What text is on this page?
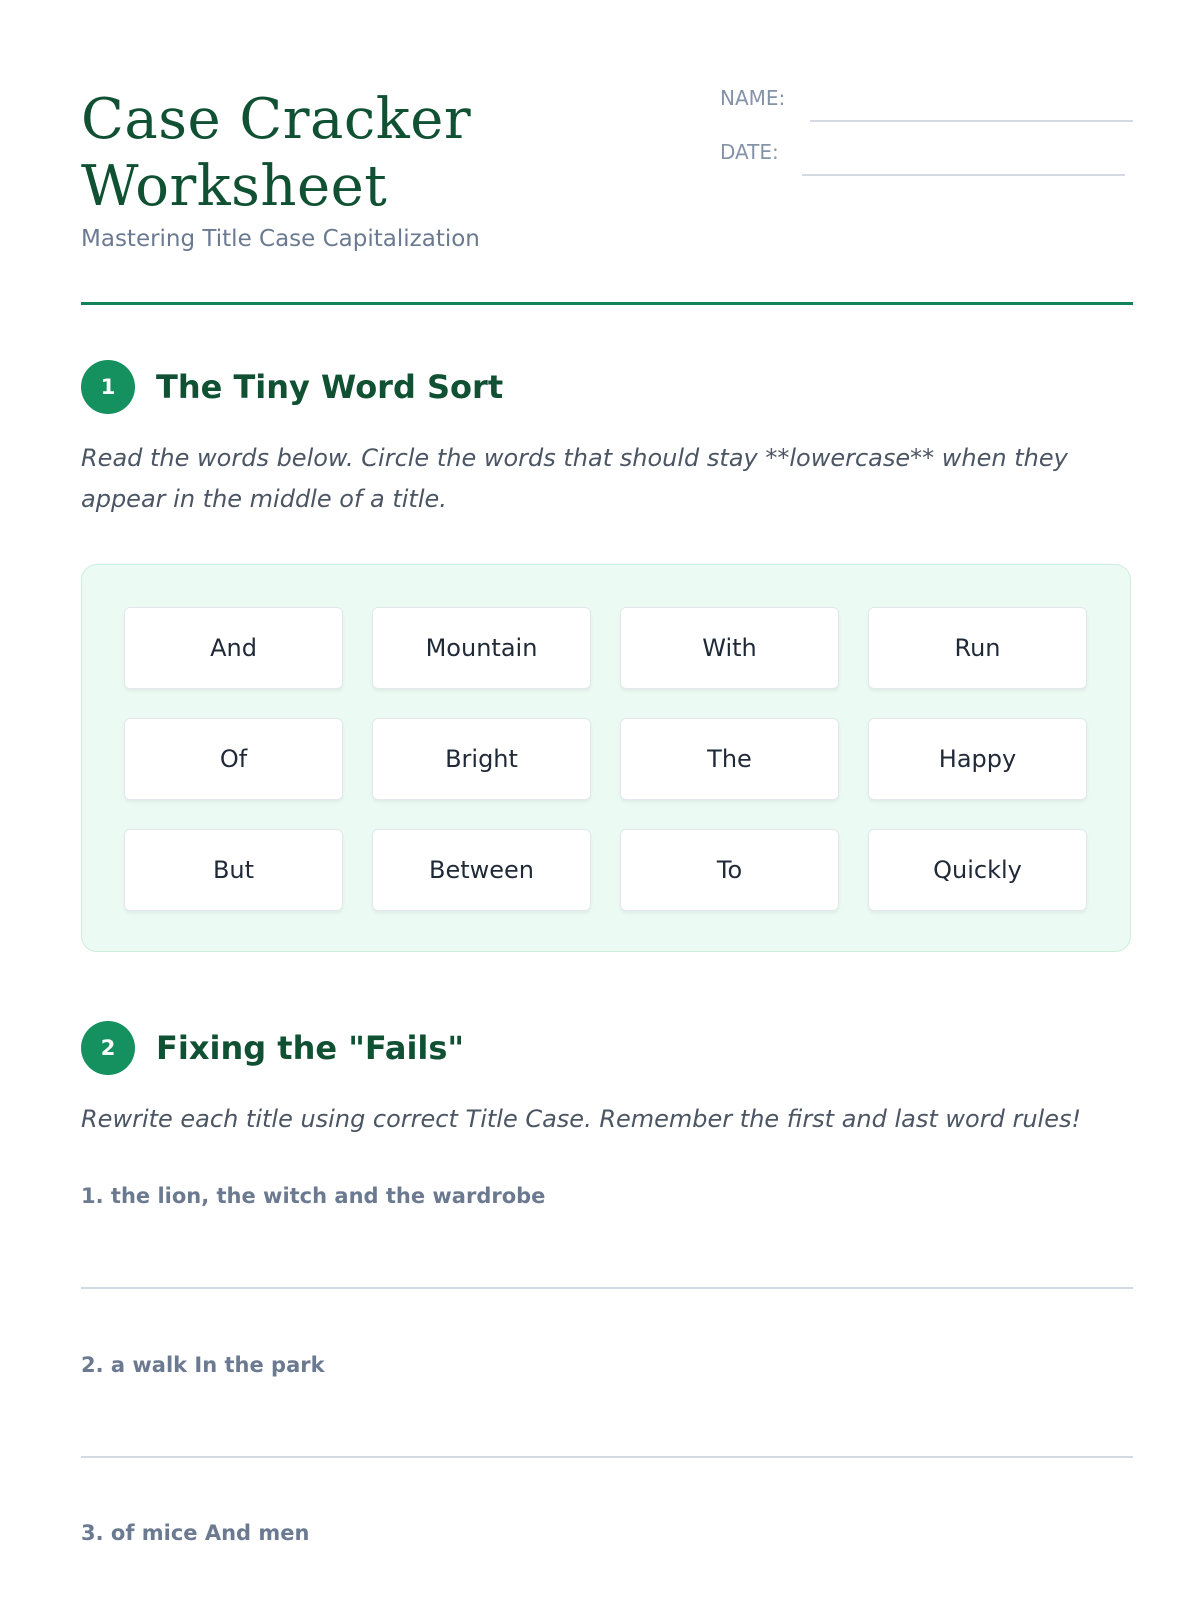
Case Cracker
Worksheet
Mastering Title Case Capitalization
NAME:
DATE:
1	The Tiny Word Sort
Read the words below. Circle the words that should stay **lowercase** when they appear in the middle of a title.
And	Mountain	With	Run
Of	Bright	The	Happy
But	Between	To	Quickly
2	Fixing the "Fails"
Rewrite each title using correct Title Case. Remember the first and last word rules!
1. the lion, the witch and the wardrobe
2. a walk In the park
3. of mice And men
